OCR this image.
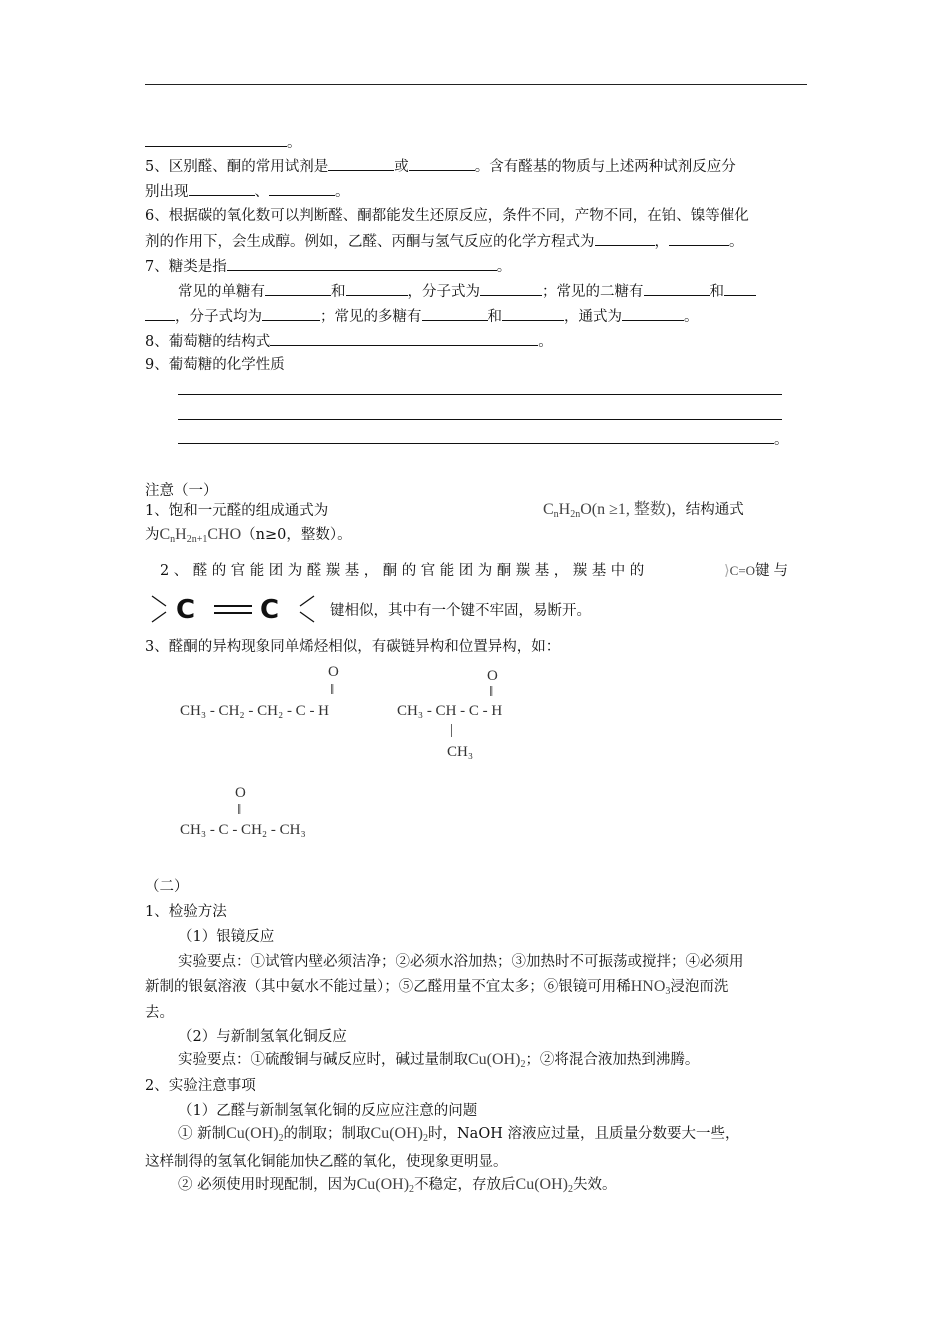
。
5、区别醛、酮的常用试剂是	或	。含有醛基的物质与上述两种试剂反应分
别出现	、	。
6、根据碳的氧化数可以判断醛、酮都能发生还原反应，条件不同，产物不同，在铂、镍等催化
剂的作用下，会生成醇。例如，乙醛、丙酮与氢气反应的化学方程式为	，	。
7、糖类是指	。
常见的单糖有	和	，分子式为	；常见的二糖有	和
，分子式均为	；常见的多糖有	和	，通式为	。
8、葡萄糖的结构式	。
9、葡萄糖的化学性质
。
注意（一）
1、饱和一元醛的组成通式为	$C_nH_{2n}O(n \ge 1$, 整数)，结构通式
为$C_nH_{2n+1}CHO(n\ge 0$，整数）。
2、醛的官能团为醛羰基，酮的官能团为酮羰基，羰基中的	⟩C=O键与
C C	键相似，其中有一个键不牢固，易断开。
3、醛酮的异构现象同单烯烃相似，有碳链异构和位置异构，如：
O
‖
CH₃ - CH₂ - CH₂ - C - H
O
‖
CH₃ - CH - C - H
|
CH₃
O
‖
CH₃ - C - CH₂ - CH₃
（二）
1、检验方法
（1）银镜反应
实验要点：①试管内壁必须洁净；②必须水浴加热；③加热时不可振荡或搅拌；④必须用
新制的银氨溶液（其中氨水不能过量）；⑤乙醛用量不宜太多；⑥银镜可用稀$HNO_3$浸泡而洗
去。
（2）与新制氢氧化铜反应
实验要点：①硫酸铜与碱反应时，碱过量制取$Cu(OH)_2$；②将混合液加热到沸腾。
2、实验注意事项
（1）乙醛与新制氢氧化铜的反应应注意的问题
① 新制$Cu(OH)_2$的制取；制取$Cu(OH)_2$时，NaOH 溶液应过量，且质量分数要大一些，
这样制得的氢氧化铜能加快乙醛的氧化，使现象更明显。
② 必须使用时现配制，因为$Cu(OH)_2$不稳定，存放后$Cu(OH)_2$失效。
